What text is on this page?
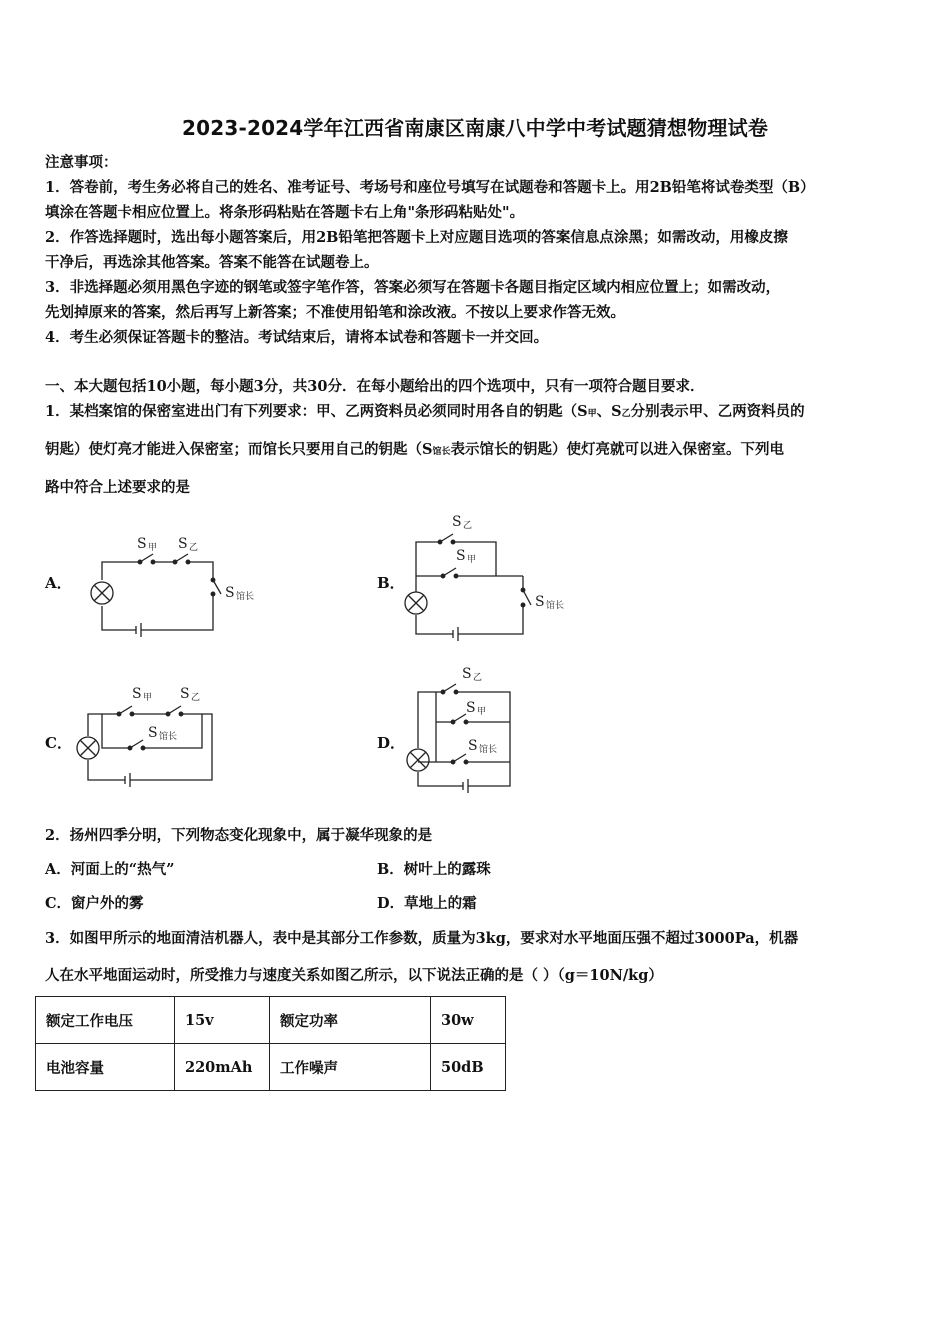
2023-2024学年江西省南康区南康八中学中考试题猜想物理试卷
注意事项：
1．答卷前，考生务必将自己的姓名、准考证号、考场号和座位号填写在试题卷和答题卡上。用2B铅笔将试卷类型（B）
填涂在答题卡相应位置上。将条形码粘贴在答题卡右上角"条形码粘贴处"。
2．作答选择题时，选出每小题答案后，用2B铅笔把答题卡上对应题目选项的答案信息点涂黑；如需改动，用橡皮擦
干净后，再选涂其他答案。答案不能答在试题卷上。
3．非选择题必须用黑色字迹的钢笔或签字笔作答，答案必须写在答题卡各题目指定区域内相应位置上；如需改动，
先划掉原来的答案，然后再写上新答案；不准使用铅笔和涂改液。不按以上要求作答无效。
4．考生必须保证答题卡的整洁。考试结束后，请将本试卷和答题卡一并交回。
一、本大题包括10小题，每小题3分，共30分．在每小题给出的四个选项中，只有一项符合题目要求．
1．某档案馆的保密室进出门有下列要求：甲、乙两资料员必须同时用各自的钥匙（S甲、S乙分别表示甲、乙两资料员的
钥匙）使灯亮才能进入保密室；而馆长只要用自己的钥匙（S馆长表示馆长的钥匙）使灯亮就可以进入保密室。下列电
路中符合上述要求的是
A．	B．
C．	D．
S 甲 S 乙
S 馆长
S 乙
S 甲
S 馆长
S 甲 S 乙
S 馆长
S 乙
S 甲
S 馆长
2．扬州四季分明，下列物态变化现象中，属于凝华现象的是
A．河面上的“热气”	B．树叶上的露珠
C．窗户外的雾	D．草地上的霜
3．如图甲所示的地面清洁机器人，表中是其部分工作参数，质量为3kg，要求对水平地面压强不超过3000Pa，机器
人在水平地面运动时，所受推力与速度关系如图乙所示，以下说法正确的是（ ）（g＝10N/kg）
额定工作电压	15v	额定功率	30w
电池容量	220mAh	工作噪声	50dB
